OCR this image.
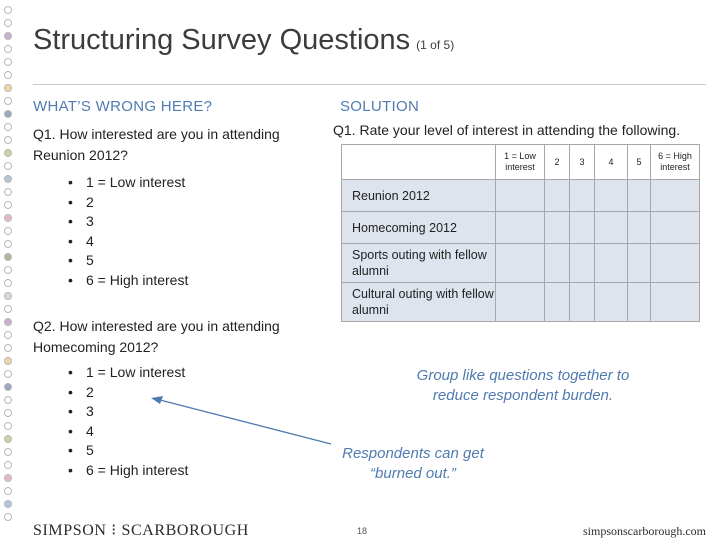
Structuring Survey Questions (1 of 5)
WHAT’S WRONG HERE?
Q1. How interested are you in attending
Reunion 2012?
• 1 = Low interest
• 2
• 3
• 4
• 5
• 6 = High interest
Q2. How interested are you in attending
Homecoming 2012?
• 1 = Low interest
• 2
• 3
• 4
• 5
• 6 = High interest
SOLUTION
Q1. Rate your level of interest in attending the following.
	1 = Low interest	2	3	4	5	6 = High interest
Reunion 2012						
Homecoming 2012						
Sports outing with fellow alumni						
Cultural outing with fellow alumni						
Group like questions together to
reduce respondent burden.
Respondents can get
“burned out.”
SIMPSON ⁝ SCARBOROUGH	18	simpsonscarborough.com
